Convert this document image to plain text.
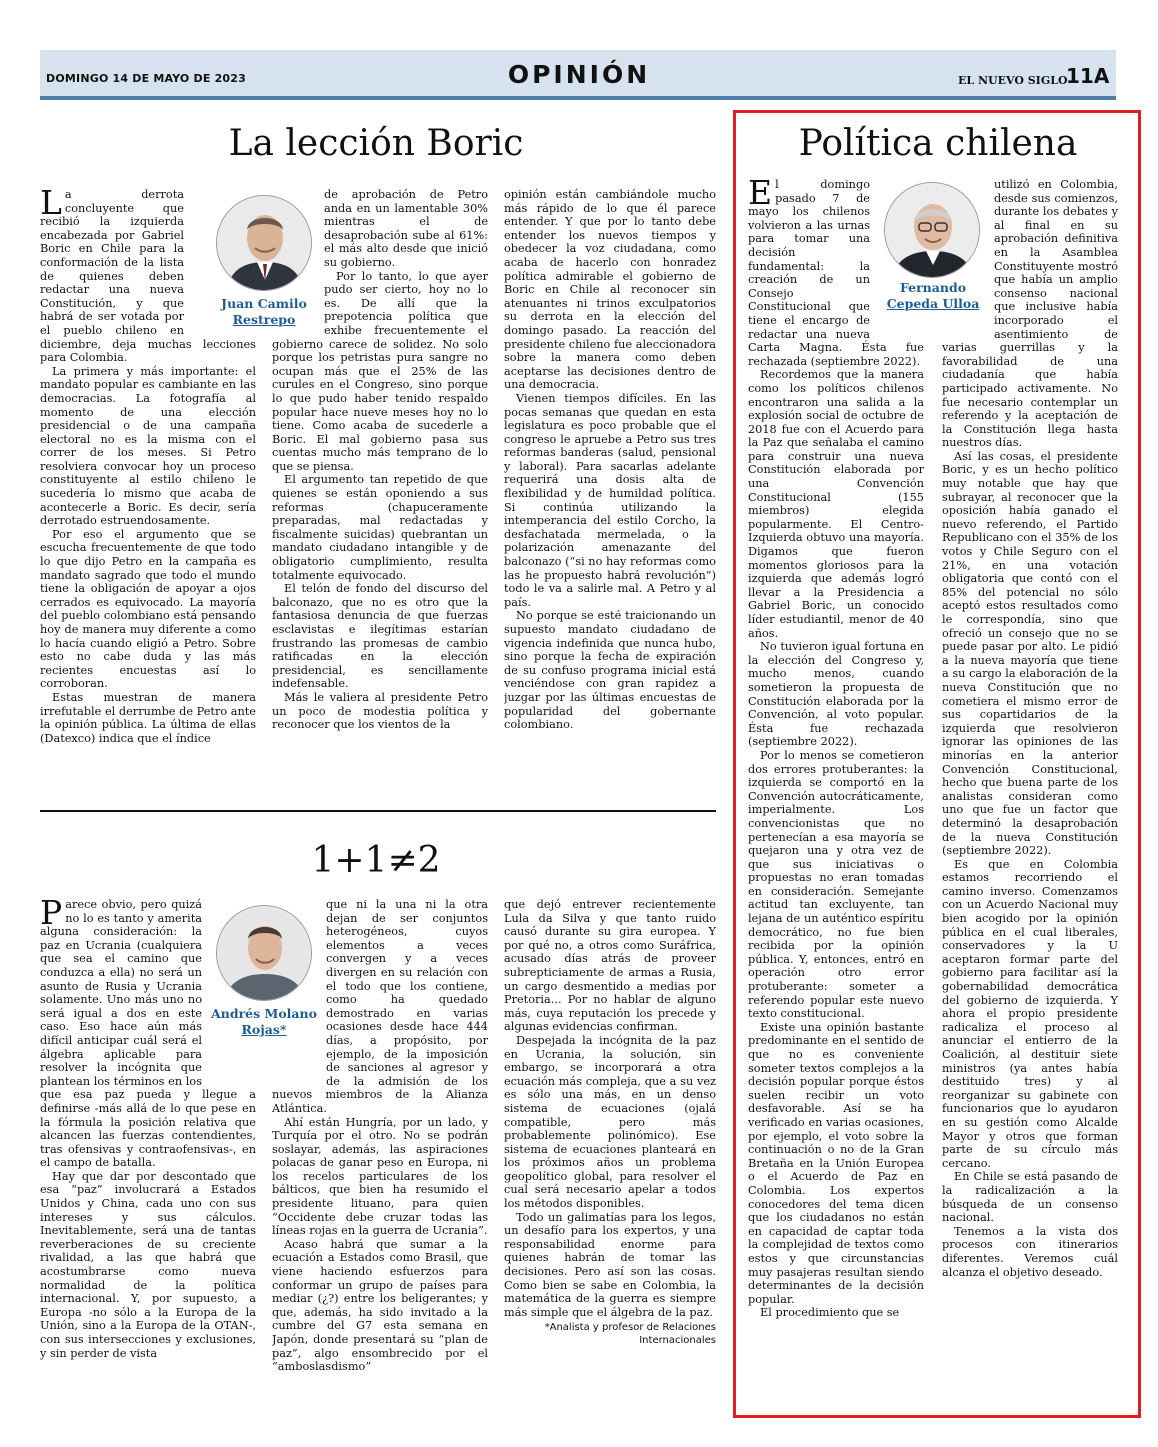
DOMINGO 14 DE MAYO DE 2023	OPINIÓN	EL NUEVO SIGLO
11A
La lección Boric	Política chilena
1+1≠2
Juan Camilo
Restrepo

La derrota concluyente que recibió la izquierda encabezada por Gabriel Boric en Chile para la conformación de la lista de quienes deben redactar una nueva Constitución, y que habrá de ser votada por el pueblo chileno en diciembre, deja muchas lecciones para Colombia.

La primera y más importante: el mandato popular es cambiante en las democracias. La fotografía al momento de una elección presidencial o de una campaña electoral no es la misma con el correr de los meses. Si Petro resolviera convocar hoy un proceso constituyente al estilo chileno le sucedería lo mismo que acaba de acontecerle a Boric. Es decir, sería derrotado estruendosamente.

Por eso el argumento que se escucha frecuentemente de que todo lo que dijo Petro en la campaña es mandato sagrado que todo el mundo tiene la obligación de apoyar a ojos cerrados es equivocado. La mayoría del pueblo colombiano está pensando hoy de manera muy diferente a como lo hacía cuando eligió a Petro. Sobre esto no cabe duda y las más recientes encuestas así lo corroboran.

Estas muestran de manera irrefutable el derrumbe de Petro ante la opinión pública. La última de ellas (Datexco) indica que el índice

de aprobación de Petro anda en un lamentable 30% mientras el de desaprobación sube al 61%: el más alto desde que inició su gobierno.

Por lo tanto, lo que ayer pudo ser cierto, hoy no lo es. De allí que la prepotencia política que exhibe frecuentemente el gobierno carece de solidez. No solo porque los petristas pura sangre no ocupan más que el 25% de las curules en el Congreso, sino porque lo que pudo haber tenido respaldo popular hace nueve meses hoy no lo tiene. Como acaba de sucederle a Boric. El mal gobierno pasa sus cuentas mucho más temprano de lo que se piensa.

El argumento tan repetido de que quienes se están oponiendo a sus reformas (chapuceramente preparadas, mal redactadas y fiscalmente suicidas) quebrantan un mandato ciudadano intangible y de obligatorio cumplimiento, resulta totalmente equivocado.

El telón de fondo del discurso del balconazo, que no es otro que la fantasiosa denuncia de que fuerzas esclavistas e ilegítimas estarían frustrando las promesas de cambio ratificadas en la elección presidencial, es sencillamente indefensable.

Más le valiera al presidente Petro un poco de modestia política y reconocer que los vientos de la

opinión están cambiándole mucho más rápido de lo que él parece entender. Y que por lo tanto debe entender los nuevos tiempos y obedecer la voz ciudadana, como acaba de hacerlo con honradez política admirable el gobierno de Boric en Chile al reconocer sin atenuantes ni trinos exculpatorios su derrota en la elección del domingo pasado. La reacción del presidente chileno fue aleccionadora sobre la manera como deben aceptarse las decisiones dentro de una democracia.

Vienen tiempos difíciles. En las pocas semanas que quedan en esta legislatura es poco probable que el congreso le apruebe a Petro sus tres reformas banderas (salud, pensional y laboral). Para sacarlas adelante requerirá una dosis alta de flexibilidad y de humildad política. Si continúa utilizando la intemperancia del estilo Corcho, la desfachatada mermelada, o la polarización amenazante del balconazo (“si no hay reformas como las he propuesto habrá revolución”) todo le va a salirle mal. A Petro y al país.

No porque se esté traicionando un supuesto mandato ciudadano de vigencia indefinida que nunca hubo, sino porque la fecha de expiración de su confuso programa inicial está venciéndose con gran rapidez a juzgar por las últimas encuestas de popularidad del gobernante colombiano.

Andrés Molano
Rojas*

Parece obvio, pero quizá no lo es tanto y amerita alguna consideración: la paz en Ucrania (cualquiera que sea el camino que conduzca a ella) no será un asunto de Rusia y Ucrania solamente. Uno más uno no será igual a dos en este caso. Eso hace aún más difícil anticipar cuál será el álgebra aplicable para resolver la incógnita que plantean los términos en los que esa paz pueda y llegue a definirse -más allá de lo que pese en la fórmula la posición relativa que alcancen las fuerzas contendientes, tras ofensivas y contraofensivas-, en el campo de batalla.

Hay que dar por descontado que esa “paz” involucrará a Estados Unidos y China, cada uno con sus intereses y sus cálculos. Inevitablemente, será una de tantas reverberaciones de su creciente rivalidad, a las que habrá que acostumbrarse como nueva normalidad de la política internacional. Y, por supuesto, a Europa -no sólo a la Europa de la Unión, sino a la Europa de la OTAN-, con sus intersecciones y exclusiones, y sin perder de vista

que ni la una ni la otra dejan de ser conjuntos heterogéneos, cuyos elementos a veces convergen y a veces divergen en su relación con el todo que los contiene, como ha quedado demostrado en varias ocasiones desde hace 444 días, a propósito, por ejemplo, de la imposición de sanciones al agresor y de la admisión de los nuevos miembros de la Alianza Atlántica.

Ahí están Hungría, por un lado, y Turquía por el otro. No se podrán soslayar, además, las aspiraciones polacas de ganar peso en Europa, ni los recelos particulares de los bálticos, que bien ha resumido el presidente lituano, para quien “Occidente debe cruzar todas las líneas rojas en la guerra de Ucrania”.

Acaso habrá que sumar a la ecuación a Estados como Brasil, que viene haciendo esfuerzos para conformar un grupo de países para mediar (¿?) entre los beligerantes; y que, además, ha sido invitado a la cumbre del G7 esta semana en Japón, donde presentará su “plan de paz”, algo ensombrecido por el “amboslasdismo”

que dejó entrever recientemente Lula da Silva y que tanto ruido causó durante su gira europea. Y por qué no, a otros como Suráfrica, acusado días atrás de proveer subrepticiamente de armas a Rusia, un cargo desmentido a medias por Pretoria... Por no hablar de alguno más, cuya reputación los precede y algunas evidencias confirman.

Despejada la incógnita de la paz en Ucrania, la solución, sin embargo, se incorporará a otra ecuación más compleja, que a su vez es sólo una más, en un denso sistema de ecuaciones (ojalá compatible, pero más probablemente polinómico). Ese sistema de ecuaciones planteará en los próximos años un problema geopolítico global, para resolver el cual será necesario apelar a todos los métodos disponibles.

Todo un galimatías para los legos, un desafío para los expertos, y una responsabilidad enorme para quienes habrán de tomar las decisiones. Pero así son las cosas. Como bien se sabe en Colombia, la matemática de la guerra es siempre más simple que el álgebra de la paz.

*Analista y profesor de Relaciones
Internacionales

Fernando
Cepeda Ulloa

El domingo pasado 7 de mayo los chilenos volvieron a las urnas para tomar una decisión fundamental: la creación de un Consejo Constitucional que tiene el encargo de redactar una nueva Carta Magna. Ésta fue rechazada (septiembre 2022).

Recordemos que la manera como los políticos chilenos encontraron una salida a la explosión social de octubre de 2018 fue con el Acuerdo para la Paz que señalaba el camino para construir una nueva Constitución elaborada por una Convención Constitucional (155 miembros) elegida popularmente. El Centro-Izquierda obtuvo una mayoría. Digamos que fueron momentos gloriosos para la izquierda que además logró llevar a la Presidencia a Gabriel Boric, un conocido líder estudiantil, menor de 40 años.

No tuvieron igual fortuna en la elección del Congreso y, mucho menos, cuando sometieron la propuesta de Constitución elaborada por la Convención, al voto popular. Ésta fue rechazada (septiembre 2022).

Por lo menos se cometieron dos errores protuberantes: la izquierda se comportó en la Convención autocráticamente, imperialmente. Los convencionistas que no pertenecían a esa mayoría se quejaron una y otra vez de que sus iniciativas o propuestas no eran tomadas en consideración. Semejante actitud tan excluyente, tan lejana de un auténtico espíritu democrático, no fue bien recibida por la opinión pública. Y, entonces, entró en operación otro error protuberante: someter a referendo popular este nuevo texto constitucional.

Existe una opinión bastante predominante en el sentido de que no es conveniente someter textos complejos a la decisión popular porque éstos suelen recibir un voto desfavorable. Así se ha verificado en varias ocasiones, por ejemplo, el voto sobre la continuación o no de la Gran Bretaña en la Unión Europea o el Acuerdo de Paz en Colombia. Los expertos conocedores del tema dicen que los ciudadanos no están en capacidad de captar toda la complejidad de textos como estos y que circunstancias muy pasajeras resultan siendo determinantes de la decisión popular.

El procedimiento que se

utilizó en Colombia, desde sus comienzos, durante los debates y al final en su aprobación definitiva en la Asamblea Constituyente mostró que había un amplio consenso nacional que inclusive había incorporado el asentimiento de varias guerrillas y la favorabilidad de una ciudadanía que había participado activamente. No fue necesario contemplar un referendo y la aceptación de la Constitución llega hasta nuestros días.

Así las cosas, el presidente Boric, y es un hecho político muy notable que hay que subrayar, al reconocer que la oposición había ganado el nuevo referendo, el Partido Republicano con el 35% de los votos y Chile Seguro con el 21%, en una votación obligatoria que contó con el 85% del potencial no sólo aceptó estos resultados como le correspondía, sino que ofreció un consejo que no se puede pasar por alto. Le pidió a la nueva mayoría que tiene a su cargo la elaboración de la nueva Constitución que no cometiera el mismo error de sus copartidarios de la izquierda que resolvieron ignorar las opiniones de las minorías en la anterior Convención Constitucional, hecho que buena parte de los analistas consideran como uno que fue un factor que determinó la desaprobación de la nueva Constitución (septiembre 2022).

Es que en Colombia estamos recorriendo el camino inverso. Comenzamos con un Acuerdo Nacional muy bien acogido por la opinión pública en el cual liberales, conservadores y la U aceptaron formar parte del gobierno para facilitar así la gobernabilidad democrática del gobierno de izquierda. Y ahora el propio presidente radicaliza el proceso al anunciar el entierro de la Coalición, al destituir siete ministros (ya antes había destituido tres) y al reorganizar su gabinete con funcionarios que lo ayudaron en su gestión como Alcalde Mayor y otros que forman parte de su círculo más cercano.

En Chile se está pasando de la radicalización a la búsqueda de un consenso nacional.

Tenemos a la vista dos procesos con itinerarios diferentes. Veremos cuál alcanza el objetivo deseado.
